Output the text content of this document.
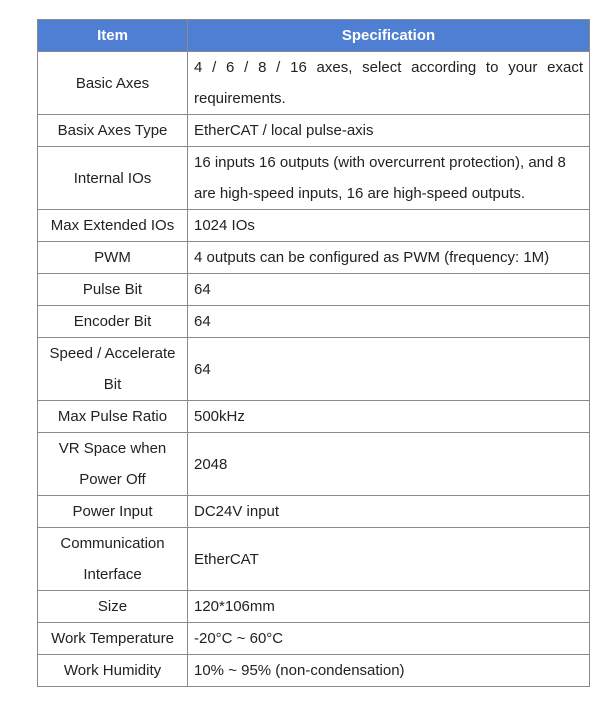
Item	Specification
Basic Axes	4 / 6 / 8 / 16 axes, select according to your exact requirements.
Basix Axes Type	EtherCAT / local pulse-axis
Internal IOs	16 inputs 16 outputs (with overcurrent protection), and 8 are high-speed inputs, 16 are high-speed outputs.
Max Extended IOs	1024 IOs
PWM	4 outputs can be configured as PWM (frequency: 1M)
Pulse Bit	64
Encoder Bit	64
Speed / Accelerate Bit	64
Max Pulse Ratio	500kHz
VR Space when Power Off	2048
Power Input	DC24V input
Communication Interface	EtherCAT
Size	120*106mm
Work Temperature	-20°C ~ 60°C
Work Humidity	10% ~ 95% (non-condensation)
